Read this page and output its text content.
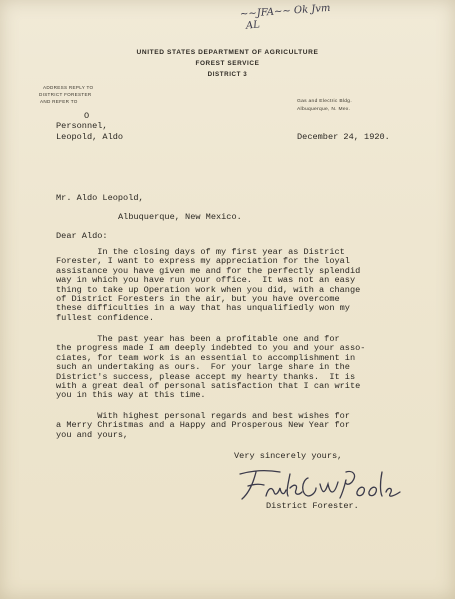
~~JFA~~ Ok Jvm
AL
UNITED STATES DEPARTMENT OF AGRICULTURE
FOREST SERVICE
DISTRICT 3
ADDRESS REPLY TO
DISTRICT FORESTER
AND REFER TO	Gas and Electric Bldg.
Albuquerque, N. Mex.
O
Personnel,
Leopold, Aldo	December 24, 1920.
Mr. Aldo Leopold,
Albuquerque, New Mexico.
Dear Aldo:
In the closing days of my first year as District
Forester, I want to express my appreciation for the loyal
assistance you have given me and for the perfectly splendid
way in which you have run your office.  It was not an easy
thing to take up Operation work when you did, with a change
of District Foresters in the air, but you have overcome
these difficulties in a way that has unqualifiedly won my
fullest confidence.
The past year has been a profitable one and for
the progress made I am deeply indebted to you and your asso-
ciates, for team work is an essential to accomplishment in
such an undertaking as ours.  For your large share in the
District's success, please accept my hearty thanks.  It is
with a great deal of personal satisfaction that I can write
you in this way at this time.
With highest personal regards and best wishes for
a Merry Christmas and a Happy and Prosperous New Year for
you and yours,
Very sincerely yours,
District Forester.
